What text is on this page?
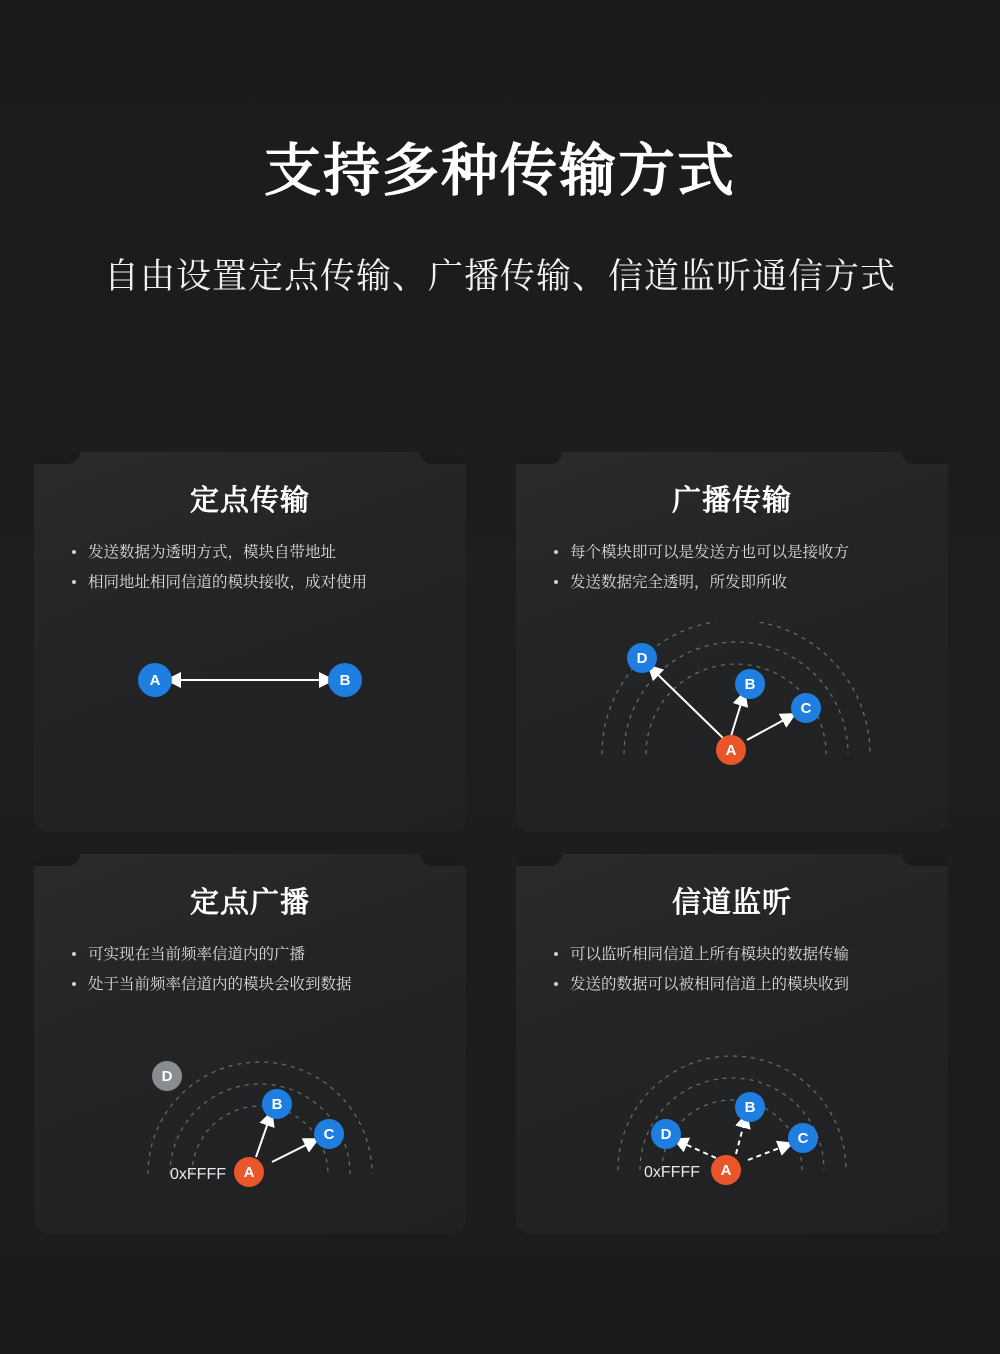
支持多种传输方式
自由设置定点传输、广播传输、信道监听通信方式
定点传输
发送数据为透明方式，模块自带地址
相同地址相同信道的模块接收，成对使用
A	B
广播传输
每个模块即可以是发送方也可以是接收方
发送数据完全透明，所发即所收
D
B
C
A
定点广播
可实现在当前频率信道内的广播
处于当前频率信道内的模块会收到数据
D
B
C
A
0xFFFF
信道监听
可以监听相同信道上所有模块的数据传输
发送的数据可以被相同信道上的模块收到
D
B
C
A
0xFFFF
